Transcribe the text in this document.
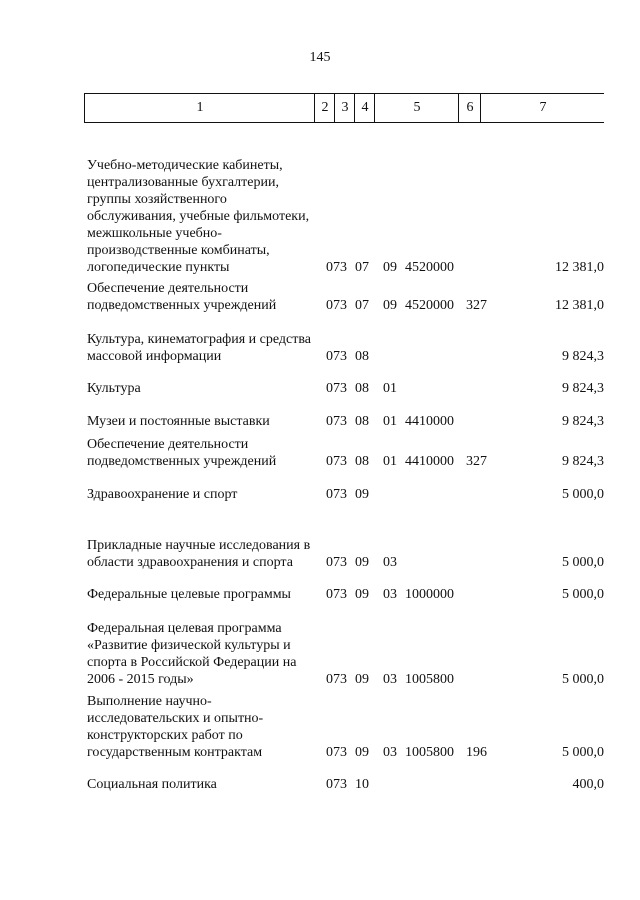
145
1	2 3 4	5	6	7
Учебно-методические кабинеты, централизованные бухгалтерии, группы хозяйственного обслуживания, учебные фильмотеки, межшкольные учебно-производственные комбинаты, логопедические пункты	073 07 09 4520000	12 381,0
Обеспечение деятельности подведомственных учреждений	073 07 09 4520000 327	12 381,0
Культура, кинематография и средства массовой информации	073 08	9 824,3
Культура	073 08 01	9 824,3
Музеи и постоянные выставки	073 08 01 4410000	9 824,3
Обеспечение деятельности подведомственных учреждений	073 08 01 4410000 327	9 824,3
Здравоохранение и спорт	073 09	5 000,0
Прикладные научные исследования в области здравоохранения и спорта	073 09 03	5 000,0
Федеральные целевые программы	073 09 03 1000000	5 000,0
Федеральная целевая программа «Развитие физической культуры и спорта в Российской Федерации на 2006 - 2015 годы»	073 09 03 1005800	5 000,0
Выполнение научно-исследовательских и опытно-конструкторских работ по государственным контрактам	073 09 03 1005800 196	5 000,0
Социальная политика	073 10	400,0
